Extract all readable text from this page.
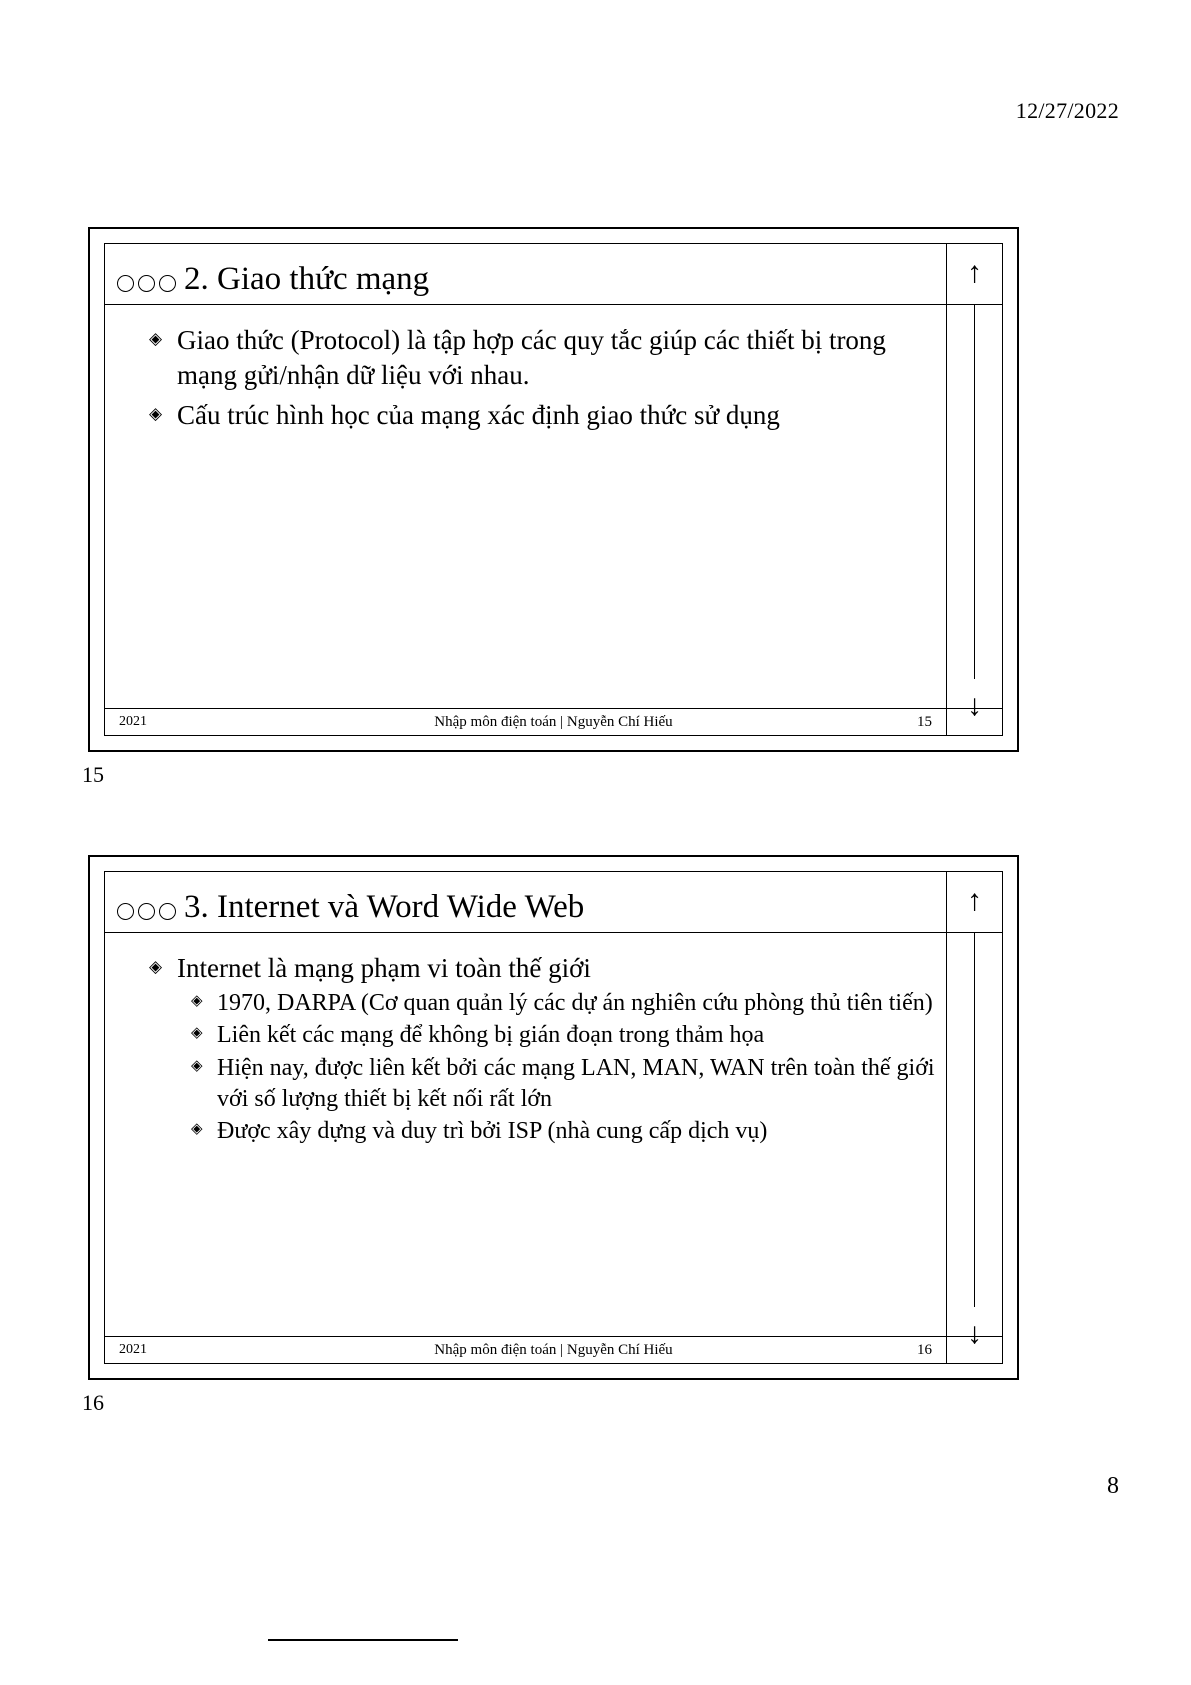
12/27/2022
2. Giao thức mạng
◈ Giao thức (Protocol) là tập hợp các quy tắc giúp các thiết bị trong mạng gửi/nhận dữ liệu với nhau.
◈ Cấu trúc hình học của mạng xác định giao thức sử dụng
2021	Nhập môn điện toán | Nguyễn Chí Hiếu	15
↑
↓
15
3. Internet và Word Wide Web
◈ Internet là mạng phạm vi toàn thế giới
◈ 1970, DARPA (Cơ quan quản lý các dự án nghiên cứu phòng thủ tiên tiến)
◈ Liên kết các mạng để không bị gián đoạn trong thảm họa
◈ Hiện nay, được liên kết bởi các mạng LAN, MAN, WAN trên toàn thế giới với số lượng thiết bị kết nối rất lớn
◈ Được xây dựng và duy trì bởi ISP (nhà cung cấp dịch vụ)
2021	Nhập môn điện toán | Nguyễn Chí Hiếu	16
↑
↓
16
8
